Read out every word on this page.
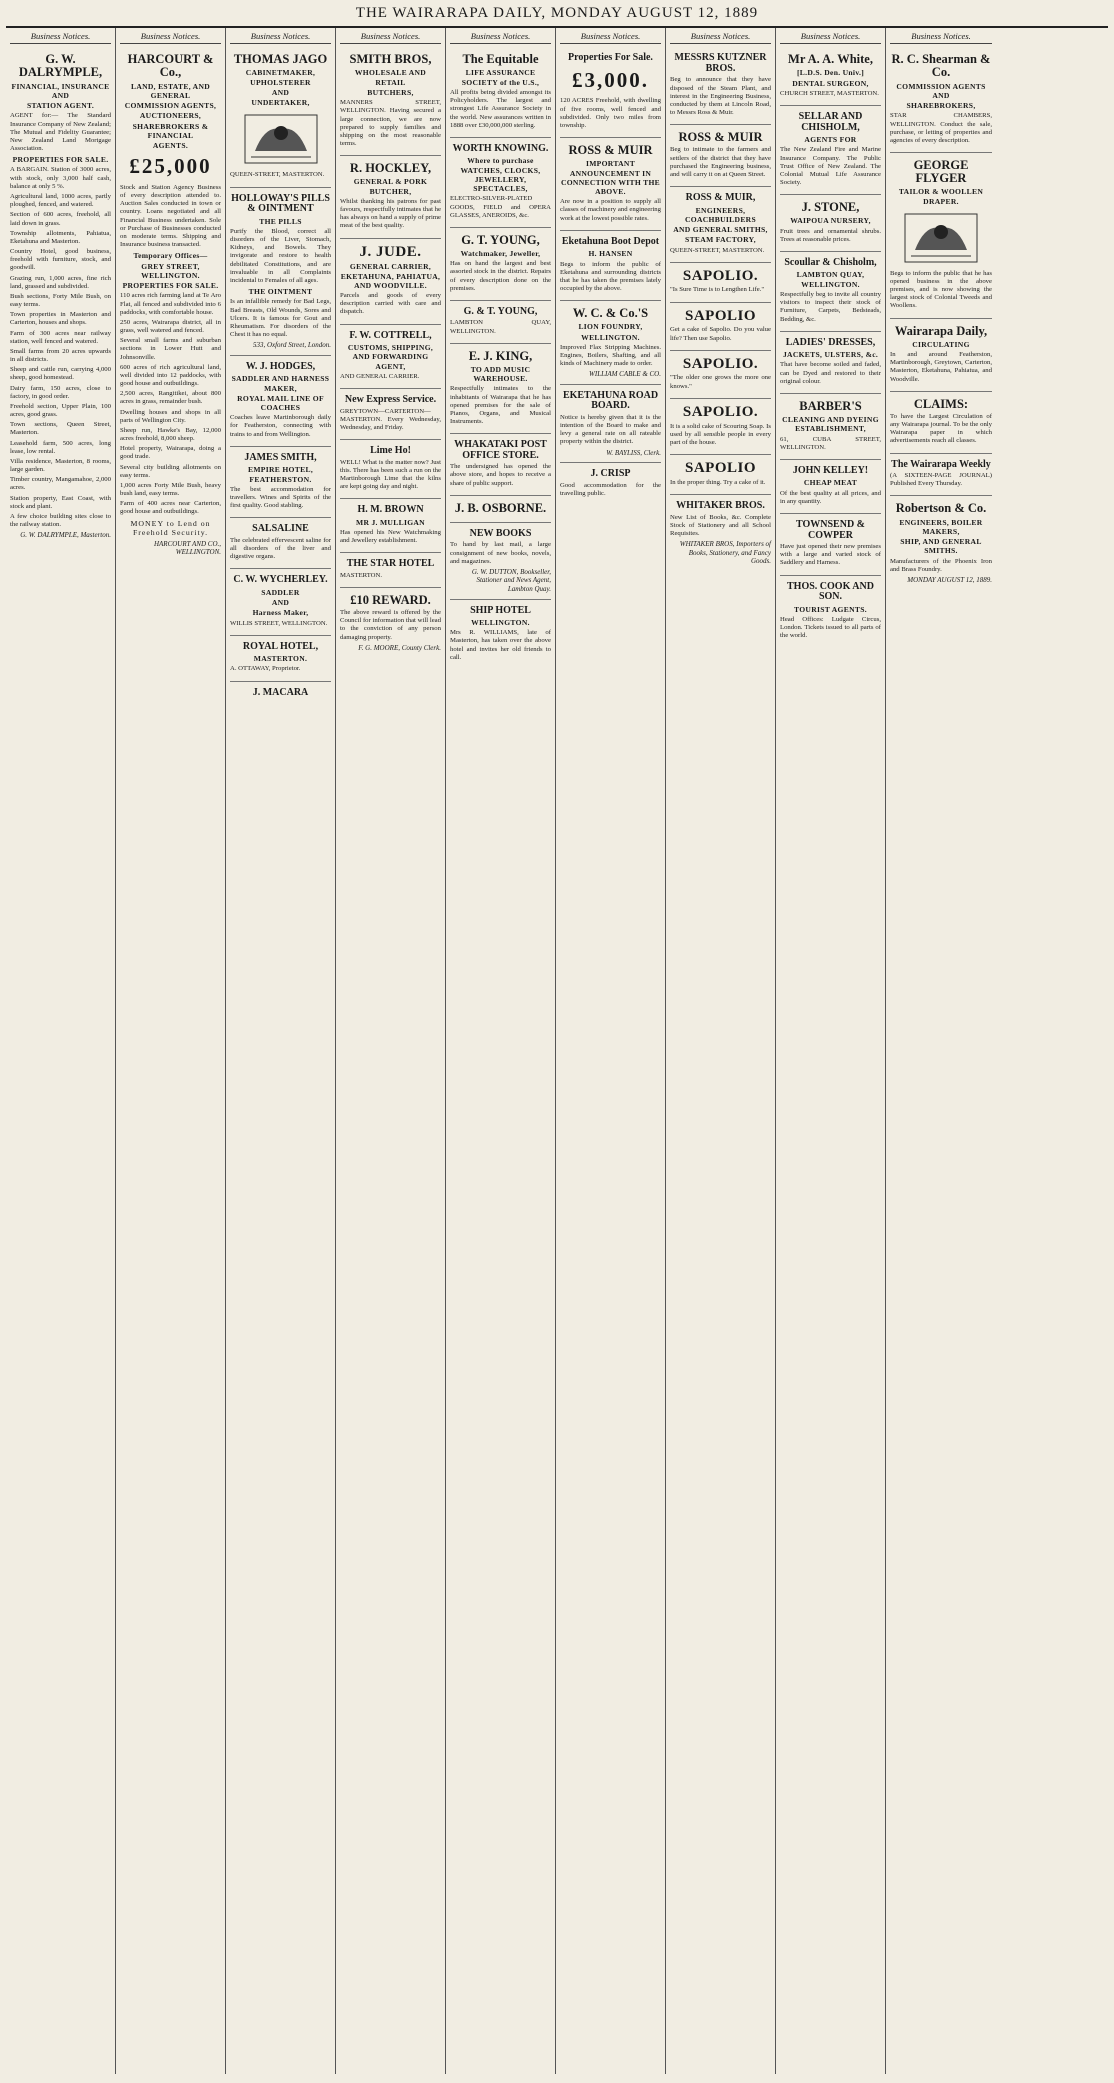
THE WAIRARAPA DAILY, MONDAY AUGUST 12, 1889
Business Notices.
G. W. DALRYMPLE,
FINANCIAL, INSURANCE AND
STATION AGENT.
AGENT for:— The Standard Insurance Company of New Zealand; The Mutual and Fidelity Guarantee; New Zealand Land Mortgage Association.
PROPERTIES FOR SALE.
A BARGAIN. Station of 3000 acres, with stock, only 3,000 half cash, balance at only 5 %.
Agricultural land, 1000 acres, partly ploughed, fenced, and watered.
Section of 600 acres, freehold, all laid down in grass.
Township allotments, Pahiatua, Eketahuna and Masterton.
Country Hotel, good business, freehold with furniture, stock, and goodwill.
Grazing run, 1,000 acres, fine rich land, grassed and subdivided.
Bush sections, Forty Mile Bush, on easy terms.
Town properties in Masterton and Carterton, houses and shops.
Farm of 300 acres near railway station, well fenced and watered.
Small farms from 20 acres upwards in all districts.
Sheep and cattle run, carrying 4,000 sheep, good homestead.
Dairy farm, 150 acres, close to factory, in good order.
Freehold section, Upper Plain, 100 acres, good grass.
Town sections, Queen Street, Masterton.
Leasehold farm, 500 acres, long lease, low rental.
Villa residence, Masterton, 8 rooms, large garden.
Timber country, Mangamahoe, 2,000 acres.
Station property, East Coast, with stock and plant.
A few choice building sites close to the railway station.
G. W. DALRYMPLE, Masterton.
Business Notices.
HARCOURT & Co.,
LAND, ESTATE, AND GENERAL
COMMISSION AGENTS,
AUCTIONEERS,
SHAREBROKERS & FINANCIAL
AGENTS.
£25,000
Stock and Station Agency Business of every description attended to. Auction Sales conducted in town or country. Loans negotiated and all Financial Business undertaken. Sole or Purchase of Businesses conducted on moderate terms. Shipping and Insurance business transacted.
Temporary Offices—
GREY STREET, WELLINGTON.
PROPERTIES FOR SALE.
110 acres rich farming land at Te Aro Flat, all fenced and subdivided into 6 paddocks, with comfortable house.
250 acres, Wairarapa district, all in grass, well watered and fenced.
Several small farms and suburban sections in Lower Hutt and Johnsonville.
600 acres of rich agricultural land, well divided into 12 paddocks, with good house and outbuildings.
2,500 acres, Rangitikei, about 800 acres in grass, remainder bush.
Dwelling houses and shops in all parts of Wellington City.
Sheep run, Hawke's Bay, 12,000 acres freehold, 8,000 sheep.
Hotel property, Wairarapa, doing a good trade.
Several city building allotments on easy terms.
1,000 acres Forty Mile Bush, heavy bush land, easy terms.
Farm of 400 acres near Carterton, good house and outbuildings.
MONEY to Lend on Freehold Security.
HARCOURT AND CO., WELLINGTON.
Business Notices.
THOMAS JAGO
CABINETMAKER, UPHOLSTERER
AND
UNDERTAKER,
QUEEN-STREET, MASTERTON.
HOLLOWAY'S PILLS & OINTMENT
THE PILLS
Purify the Blood, correct all disorders of the Liver, Stomach, Kidneys, and Bowels. They invigorate and restore to health debilitated Constitutions, and are invaluable in all Complaints incidental to Females of all ages.
THE OINTMENT
Is an infallible remedy for Bad Legs, Bad Breasts, Old Wounds, Sores and Ulcers. It is famous for Gout and Rheumatism. For disorders of the Chest it has no equal.
533, Oxford Street, London.
W. J. HODGES,
SADDLER AND HARNESS MAKER,
ROYAL MAIL LINE OF COACHES
Coaches leave Martinborough daily for Featherston, connecting with trains to and from Wellington.
JAMES SMITH,
EMPIRE HOTEL, FEATHERSTON.
The best accommodation for travellers. Wines and Spirits of the first quality. Good stabling.
SALSALINE
The celebrated effervescent saline for all disorders of the liver and digestive organs.
C. W. WYCHERLEY.
SADDLER
AND
Harness Maker,
WILLIS STREET, WELLINGTON.
ROYAL HOTEL,
MASTERTON.
A. OTTAWAY, Proprietor.
J. MACARA
Business Notices.
SMITH BROS,
WHOLESALE AND RETAIL
BUTCHERS,
MANNERS STREET, WELLINGTON. Having secured a large connection, we are now prepared to supply families and shipping on the most reasonable terms.
R. HOCKLEY,
GENERAL & PORK BUTCHER,
Whilst thanking his patrons for past favours, respectfully intimates that he has always on hand a supply of prime meat of the best quality.
J. JUDE.
GENERAL CARRIER, EKETAHUNA, PAHIATUA, AND WOODVILLE.
Parcels and goods of every description carried with care and dispatch.
F. W. COTTRELL,
CUSTOMS, SHIPPING, AND FORWARDING AGENT,
AND GENERAL CARRIER.
New Express Service.
GREYTOWN—CARTERTON—MASTERTON. Every Wednesday, Wednesday, and Friday.
Lime Ho!
WELL! What is the matter now? Just this. There has been such a run on the Martinborough Lime that the kilns are kept going day and night.
H. M. BROWN
MR J. MULLIGAN
Has opened his New Watchmaking and Jewellery establishment.
THE STAR HOTEL
MASTERTON.
£10 REWARD.
The above reward is offered by the Council for information that will lead to the conviction of any person damaging property.
F. G. MOORE, County Clerk.
Business Notices.
The Equitable
LIFE ASSURANCE SOCIETY of the U.S.,
All profits being divided amongst its Policyholders. The largest and strongest Life Assurance Society in the world. New assurances written in 1888 over £30,000,000 sterling.
WORTH KNOWING.
Where to purchase WATCHES, CLOCKS, JEWELLERY, SPECTACLES,
ELECTRO-SILVER-PLATED GOODS, FIELD and OPERA GLASSES, ANEROIDS, &c.
G. T. YOUNG,
Watchmaker, Jeweller,
Has on hand the largest and best assorted stock in the district. Repairs of every description done on the premises.
G. & T. YOUNG,
LAMBTON QUAY, WELLINGTON.
E. J. KING,
TO ADD MUSIC WAREHOUSE.
Respectfully intimates to the inhabitants of Wairarapa that he has opened premises for the sale of Pianos, Organs, and Musical Instruments.
WHAKATAKI POST OFFICE STORE.
The undersigned has opened the above store, and hopes to receive a share of public support.
J. B. OSBORNE.
NEW BOOKS
To hand by last mail, a large consignment of new books, novels, and magazines.
G. W. DUTTON, Bookseller, Stationer and News Agent, Lambton Quay.
SHIP HOTEL
WELLINGTON.
Mrs R. WILLIAMS, late of Masterton, has taken over the above hotel and invites her old friends to call.
Business Notices.
Properties For Sale.
£3,000.
120 ACRES Freehold, with dwelling of five rooms, well fenced and subdivided. Only two miles from township.
ROSS & MUIR
IMPORTANT ANNOUNCEMENT IN CONNECTION WITH THE ABOVE.
Are now in a position to supply all classes of machinery and engineering work at the lowest possible rates.
Eketahuna Boot Depot
H. HANSEN
Begs to inform the public of Eketahuna and surrounding districts that he has taken the premises lately occupied by the above.
W. C. & Co.'S
LION FOUNDRY,
WELLINGTON.
Improved Flax Stripping Machines. Engines, Boilers, Shafting, and all kinds of Machinery made to order.
WILLIAM CABLE & CO.
EKETAHUNA ROAD BOARD.
Notice is hereby given that it is the intention of the Board to make and levy a general rate on all rateable property within the district.
W. BAYLISS, Clerk.
J. CRISP
Good accommodation for the travelling public.
Business Notices.
MESSRS KUTZNER BROS.
Beg to announce that they have disposed of the Steam Plant, and interest in the Engineering Business, conducted by them at Lincoln Road, to Messrs Ross & Muir.
ROSS & MUIR
Beg to intimate to the farmers and settlers of the district that they have purchased the Engineering business, and will carry it on at Queen Street.
ROSS & MUIR,
ENGINEERS, COACHBUILDERS
AND GENERAL SMITHS,
STEAM FACTORY,
QUEEN-STREET, MASTERTON.
SAPOLIO.
"Is Sure Time is to Lengthen Life."
SAPOLIO
Get a cake of Sapolio. Do you value life? Then use Sapolio.
SAPOLIO.
"The older one grows the more one knows."
SAPOLIO.
It is a solid cake of Scouring Soap. Is used by all sensible people in every part of the house.
SAPOLIO
In the proper thing. Try a cake of it.
WHITAKER BROS.
New List of Books, &c. Complete Stock of Stationery and all School Requisites.
WHITAKER BROS, Importers of Books, Stationery, and Fancy Goods.
Business Notices.
Mr A. A. White,
[L.D.S. Den. Univ.]
DENTAL SURGEON,
CHURCH STREET, MASTERTON.
SELLAR AND CHISHOLM,
AGENTS FOR
The New Zealand Fire and Marine Insurance Company. The Public Trust Office of New Zealand. The Colonial Mutual Life Assurance Society.
J. STONE,
WAIPOUA NURSERY,
Fruit trees and ornamental shrubs. Trees at reasonable prices.
Scoullar & Chisholm,
LAMBTON QUAY, WELLINGTON.
Respectfully beg to invite all country visitors to inspect their stock of Furniture, Carpets, Bedsteads, Bedding, &c.
LADIES' DRESSES,
JACKETS, ULSTERS, &c.
That have become soiled and faded, can be Dyed and restored to their original colour.
BARBER'S
CLEANING AND DYEING ESTABLISHMENT,
61, CUBA STREET, WELLINGTON.
JOHN KELLEY!
CHEAP MEAT
Of the best quality at all prices, and in any quantity.
TOWNSEND & COWPER
Have just opened their new premises with a large and varied stock of Saddlery and Harness.
THOS. COOK AND SON.
TOURIST AGENTS.
Head Offices: Ludgate Circus, London. Tickets issued to all parts of the world.
Business Notices.
R. C. Shearman & Co.
COMMISSION AGENTS AND
SHAREBROKERS,
STAR CHAMBERS, WELLINGTON. Conduct the sale, purchase, or letting of properties and agencies of every description.
GEORGE FLYGER
TAILOR & WOOLLEN DRAPER.
Begs to inform the public that he has opened business in the above premises, and is now showing the largest stock of Colonial Tweeds and Woollens.
Wairarapa Daily,
CIRCULATING
In and around Featherston, Martinborough, Greytown, Carterton, Masterton, Eketahuna, Pahiatua, and Woodville.
CLAIMS:
To have the Largest Circulation of any Wairarapa journal. To be the only Wairarapa paper in which advertisements reach all classes.
The Wairarapa Weekly
(A SIXTEEN-PAGE JOURNAL) Published Every Thursday.
Robertson & Co.
ENGINEERS, BOILER MAKERS,
SHIP, AND GENERAL SMITHS.
Manufacturers of the Phoenix Iron and Brass Foundry.
MONDAY AUGUST 12, 1889.
